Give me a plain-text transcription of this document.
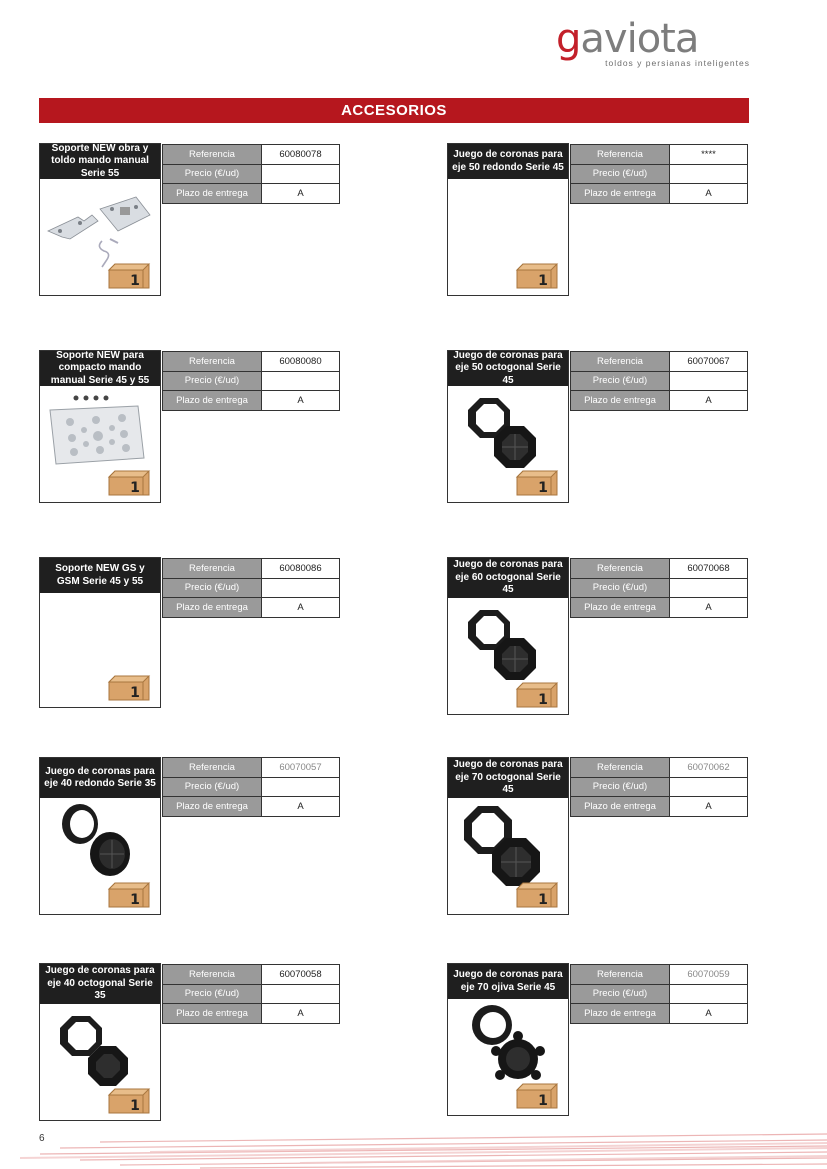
gaviota
toldos y persianas inteligentes
ACCESORIOS
Soporte NEW obra y toldo mando manual Serie 55
1
Referencia	60080078
Precio (€/ud)	
Plazo de entrega	A
Juego de coronas para eje 50 redondo Serie 45
1
Referencia	****
Precio (€/ud)	
Plazo de entrega	A
Soporte NEW para compacto mando manual Serie 45 y 55
1
Referencia	60080080
Precio (€/ud)	
Plazo de entrega	A
Juego de coronas para eje 50 octogonal Serie 45
1
Referencia	60070067
Precio (€/ud)	
Plazo de entrega	A
Soporte NEW GS y GSM Serie 45 y 55
1
Referencia	60080086
Precio (€/ud)	
Plazo de entrega	A
Juego de coronas para eje 60 octogonal Serie 45
1
Referencia	60070068
Precio (€/ud)	
Plazo de entrega	A
Juego de coronas para eje 40 redondo Serie 35
1
Referencia	60070057
Precio (€/ud)	
Plazo de entrega	A
Juego de coronas para eje 70 octogonal Serie 45
1
Referencia	60070062
Precio (€/ud)	
Plazo de entrega	A
Juego de coronas para eje 40 octogonal Serie 35
1
Referencia	60070058
Precio (€/ud)	
Plazo de entrega	A
Juego de coronas para eje 70 ojiva Serie 45
1
Referencia	60070059
Precio (€/ud)	
Plazo de entrega	A
6
